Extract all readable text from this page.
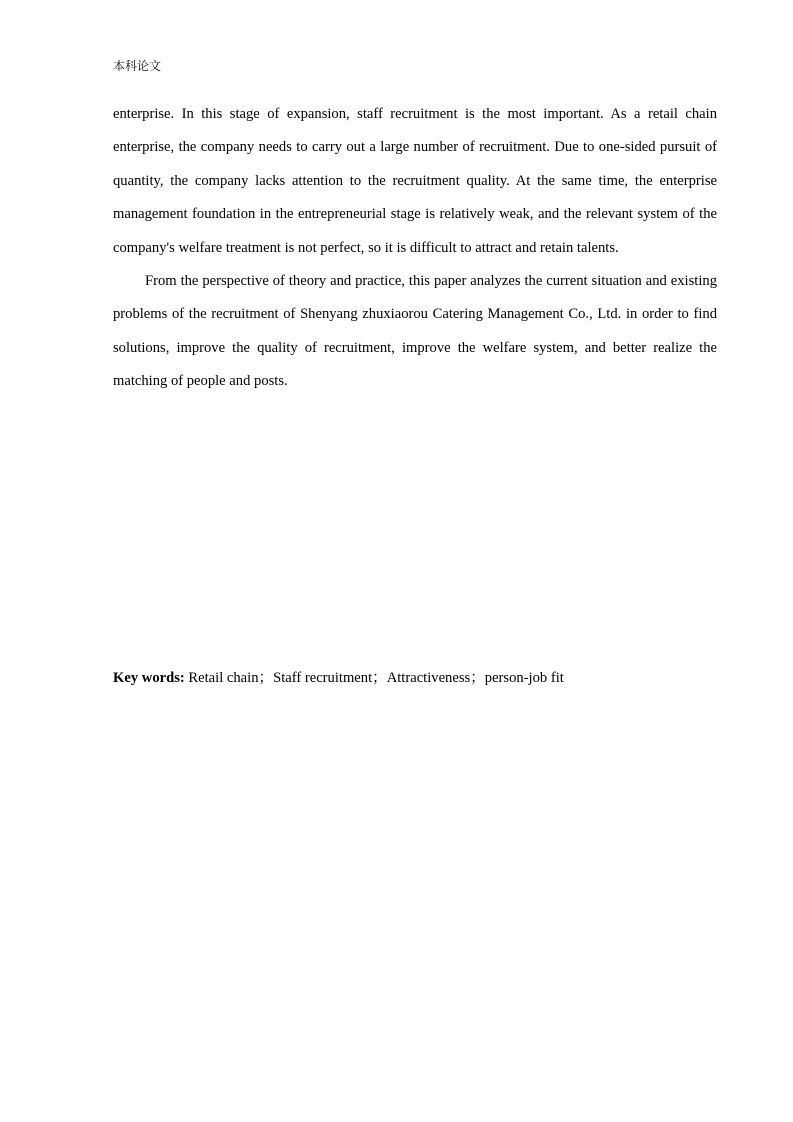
本科论文

enterprise. In this stage of expansion, staff recruitment is the most important. As a retail chain enterprise, the company needs to carry out a large number of recruitment. Due to one-sided pursuit of quantity, the company lacks attention to the recruitment quality. At the same time, the enterprise management foundation in the entrepreneurial stage is relatively weak, and the relevant system of the company's welfare treatment is not perfect, so it is difficult to attract and retain talents.

From the perspective of theory and practice, this paper analyzes the current situation and existing problems of the recruitment of Shenyang zhuxiaorou Catering Management Co., Ltd. in order to find solutions, improve the quality of recruitment, improve the welfare system, and better realize the matching of people and posts.

Key words: Retail chain；Staff recruitment；Attractiveness；person-job fit
